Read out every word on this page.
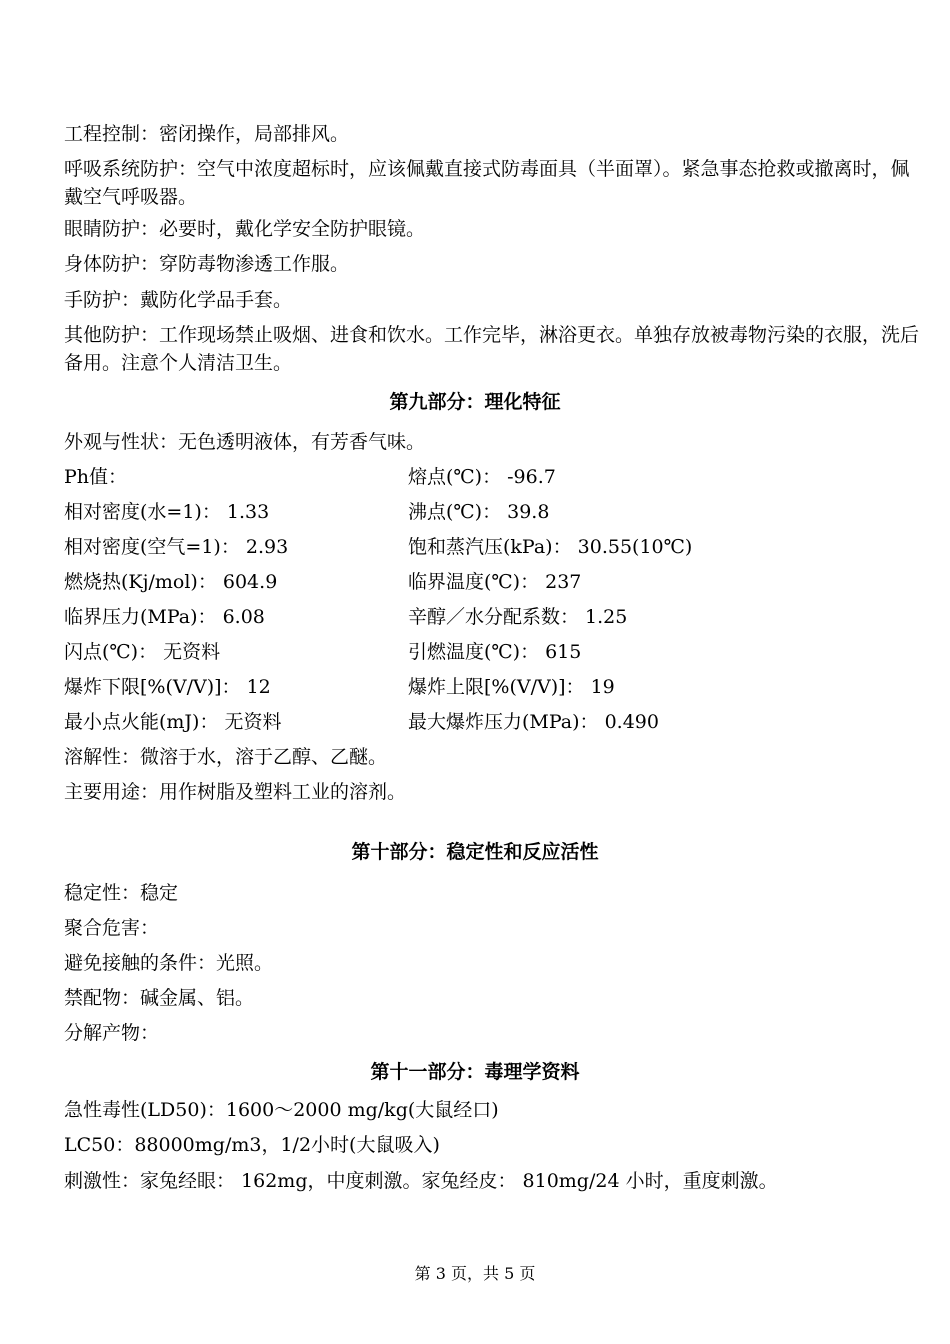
工程控制：密闭操作，局部排风。

呼吸系统防护：空气中浓度超标时，应该佩戴直接式防毒面具（半面罩）。紧急事态抢救或撤离时，佩戴空气呼吸器。

眼睛防护：必要时，戴化学安全防护眼镜。

身体防护：穿防毒物渗透工作服。

手防护：戴防化学品手套。

其他防护：工作现场禁止吸烟、进食和饮水。工作完毕，淋浴更衣。单独存放被毒物污染的衣服，洗后备用。注意个人清洁卫生。

第九部分：理化特征

外观与性状：无色透明液体，有芳香气味。

Ph值：	熔点(℃)： -96.7
相对密度(水=1)： 1.33	沸点(℃)： 39.8
相对密度(空气=1)： 2.93	饱和蒸汽压(kPa)： 30.55(10℃)
燃烧热(Kj/mol)： 604.9	临界温度(℃)： 237
临界压力(MPa)： 6.08	辛醇／水分配系数： 1.25
闪点(℃)： 无资料	引燃温度(℃)： 615
爆炸下限[%(V/V)]： 12	爆炸上限[%(V/V)]： 19
最小点火能(mJ)： 无资料	最大爆炸压力(MPa)： 0.490

溶解性：微溶于水，溶于乙醇、乙醚。

主要用途：用作树脂及塑料工业的溶剂。

第十部分：稳定性和反应活性

稳定性：稳定

聚合危害：

避免接触的条件：光照。

禁配物：碱金属、铝。

分解产物：

第十一部分：毒理学资料

急性毒性(LD50)：1600～2000 mg/kg(大鼠经口)

LC50：88000mg/m3，1/2小时(大鼠吸入)

刺激性：家兔经眼： 162mg，中度刺激。家兔经皮： 810mg/24 小时，重度刺激。

第 3 页，共 5 页
